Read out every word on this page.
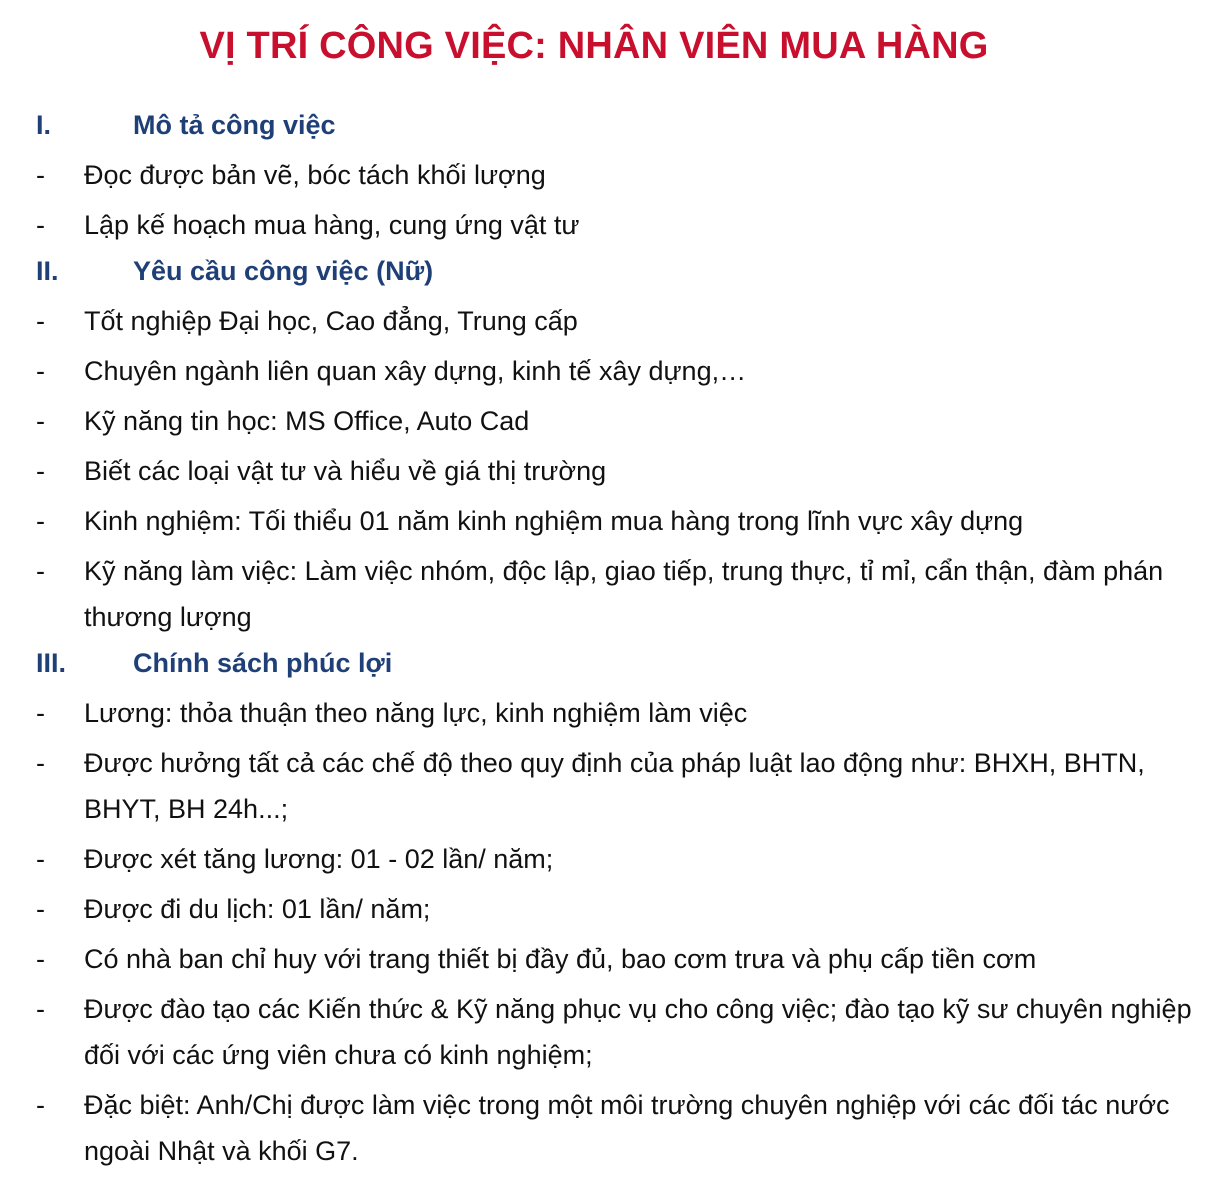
VỊ TRÍ CÔNG VIỆC: NHÂN VIÊN MUA HÀNG
I.	Mô tả công việc
- Đọc được bản vẽ, bóc tách khối lượng
- Lập kế hoạch mua hàng, cung ứng vật tư
II.	Yêu cầu công việc (Nữ)
- Tốt nghiệp Đại học, Cao đẳng, Trung cấp
- Chuyên ngành liên quan xây dựng, kinh tế xây dựng,…
- Kỹ năng tin học: MS Office, Auto Cad
- Biết các loại vật tư và hiểu về giá thị trường
- Kinh nghiệm: Tối thiểu 01 năm kinh nghiệm mua hàng trong lĩnh vực xây dựng
- Kỹ năng làm việc: Làm việc nhóm, độc lập, giao tiếp, trung thực, tỉ mỉ, cẩn thận, đàm phán thương lượng
III. Chính sách phúc lợi
- Lương: thỏa thuận theo năng lực, kinh nghiệm làm việc
- Được hưởng tất cả các chế độ theo quy định của pháp luật lao động như: BHXH, BHTN, BHYT, BH 24h...;
- Được xét tăng lương: 01 - 02 lần/ năm;
- Được đi du lịch: 01 lần/ năm;
- Có nhà ban chỉ huy với trang thiết bị đầy đủ, bao cơm trưa và phụ cấp tiền cơm
- Được đào tạo các Kiến thức & Kỹ năng phục vụ cho công việc; đào tạo kỹ sư chuyên nghiệp đối với các ứng viên chưa có kinh nghiệm;
- Đặc biệt: Anh/Chị được làm việc trong một môi trường chuyên nghiệp với các đối tác nước ngoài Nhật và khối G7.
